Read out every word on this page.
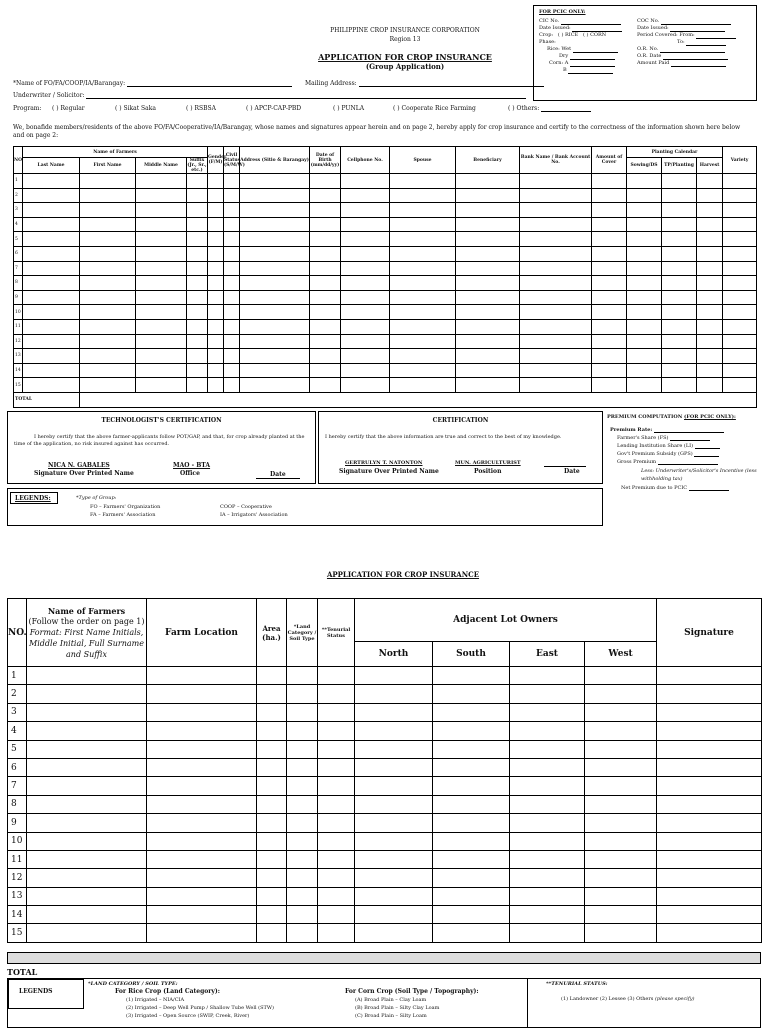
FOR PCIC ONLY:
CIC No.
Date Issued:
Crop: ( ) RICE ( ) CORN
Phase:
Rice: Wet
Dry
Corn: A
B
COC No.
Date Issued:
Period Covered: From:
To:
O.R. No.
O.R. Date
Amount Paid
PHILIPPINE CROP INSURANCE CORPORATION
Region 13
APPLICATION FOR CROP INSURANCE
(Group Application)
*Name of FO/FA/COOP/IA/Barangay:	Mailing Address:
Underwriter / Solicitor:
Program: ( ) Regular	( ) Sikat Saka	( ) RSBSA	( ) APCP-CAP-PBD	( ) PUNLA	( ) Cooperate Rice Farming	( ) Others:
We, bonafide members/residents of the above FO/FA/Cooperative/IA/Barangay, whose names and signatures appear herein and on page 2, hereby apply for crop insurance and certify to the correctness of the information shown here below and on page 2:
NO.	Name of Farmers				Gender (F/M)	Civil Status (S/M/W)	Address (Sitio & Barangay)	Date of Birth (mm/dd/yy)	Cellphone No.	Spouse	Beneficiary	Bank Name / Bank Account No.	Amount of Cover	Planting Calendar			Variety
	Last Name	First Name	Middle Name	Suffix (Jr., Sr., etc.)										Sowing/DS	TP/Planting	Harvest	
1																	
2																	
3																	
4																	
5																	
6																	
7																	
8																	
9																	
10																	
11																	
12																	
13																	
14																	
15																	
TOTAL																	
TECHNOLOGIST'S CERTIFICATION
I hereby certify that the above farmer-applicants follow POT/GAP, and that, for crop already planted at the time of the application, no risk insured against has occurred.
NICA N. GABALES	MAO - BTA
Signature Over Printed Name	Office	Date
CERTIFICATION
I hereby certify that the above information are true and correct to the best of my knowledge.
GERTRULYN T. NATONTON	MUN. AGRICULTURIST
Signature Over Printed Name	Position	Date
PREMIUM COMPUTATION (FOR PCIC ONLY):
Premium Rate:
Farmer's Share (FS)
Lending Institution Share (LI)
Gov't Premium Subsidy (GPS)
Gross Premium
Less: Underwriter's/Solicitor's Incentive (less withholding tax)
Net Premium due to PCIC
LEGENDS:	*Type of Group:
FO – Farmers' Organization
FA – Farmers' Association
COOP – Cooperative
IA – Irrigators' Association
APPLICATION FOR CROP INSURANCE
NO.	Name of Farmers
(Follow the order on page 1)
Format: First Name Initials, Middle Initial, Full Surname and Suffix	Farm Location	Area (ha.)	*Land Category / Soil Type	**Tenurial Status	Adjacent Lot Owners				Signature
						North	South	East	West	
1										
2										
3										
4										
5										
6										
7										
8										
9										
10										
11										
12										
13										
14										
15										
TOTAL
LEGENDS
*LAND CATEGORY / SOIL TYPE:
For Rice Crop (Land Category):
(1) Irrigated – NIA/CIA
(2) Irrigated – Deep Well Pump / Shallow Tube Well (STW)
(3) Irrigated – Open Source (SWIP, Creek, River)
For Corn Crop (Soil Type / Topography):
(A) Broad Plain – Clay Loam
(B) Broad Plain – Silty Clay Loam
(C) Broad Plain – Silty Loam
**TENURIAL STATUS:
(1) Landowner (2) Lessee (3) Others (please specify)
